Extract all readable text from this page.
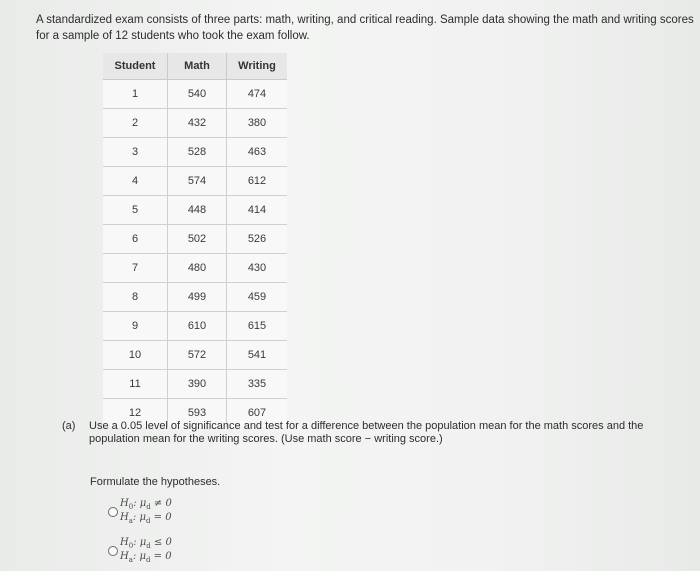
A standardized exam consists of three parts: math, writing, and critical reading. Sample data showing the math and writing scores for a sample of 12 students who took the exam follow.
Student	Math	Writing
1	540	474
2	432	380
3	528	463
4	574	612
5	448	414
6	502	526
7	480	430
8	499	459
9	610	615
10	572	541
11	390	335
12	593	607
(a) Use a 0.05 level of significance and test for a difference between the population mean for the math scores and the population mean for the writing scores. (Use math score − writing score.)
Formulate the hypotheses.
$H_0$: $\mu_d \ne 0$
$H_a$: $\mu_d = 0$
$H_0$: $\mu_d \le 0$
$H_a$: $\mu_d = 0$
